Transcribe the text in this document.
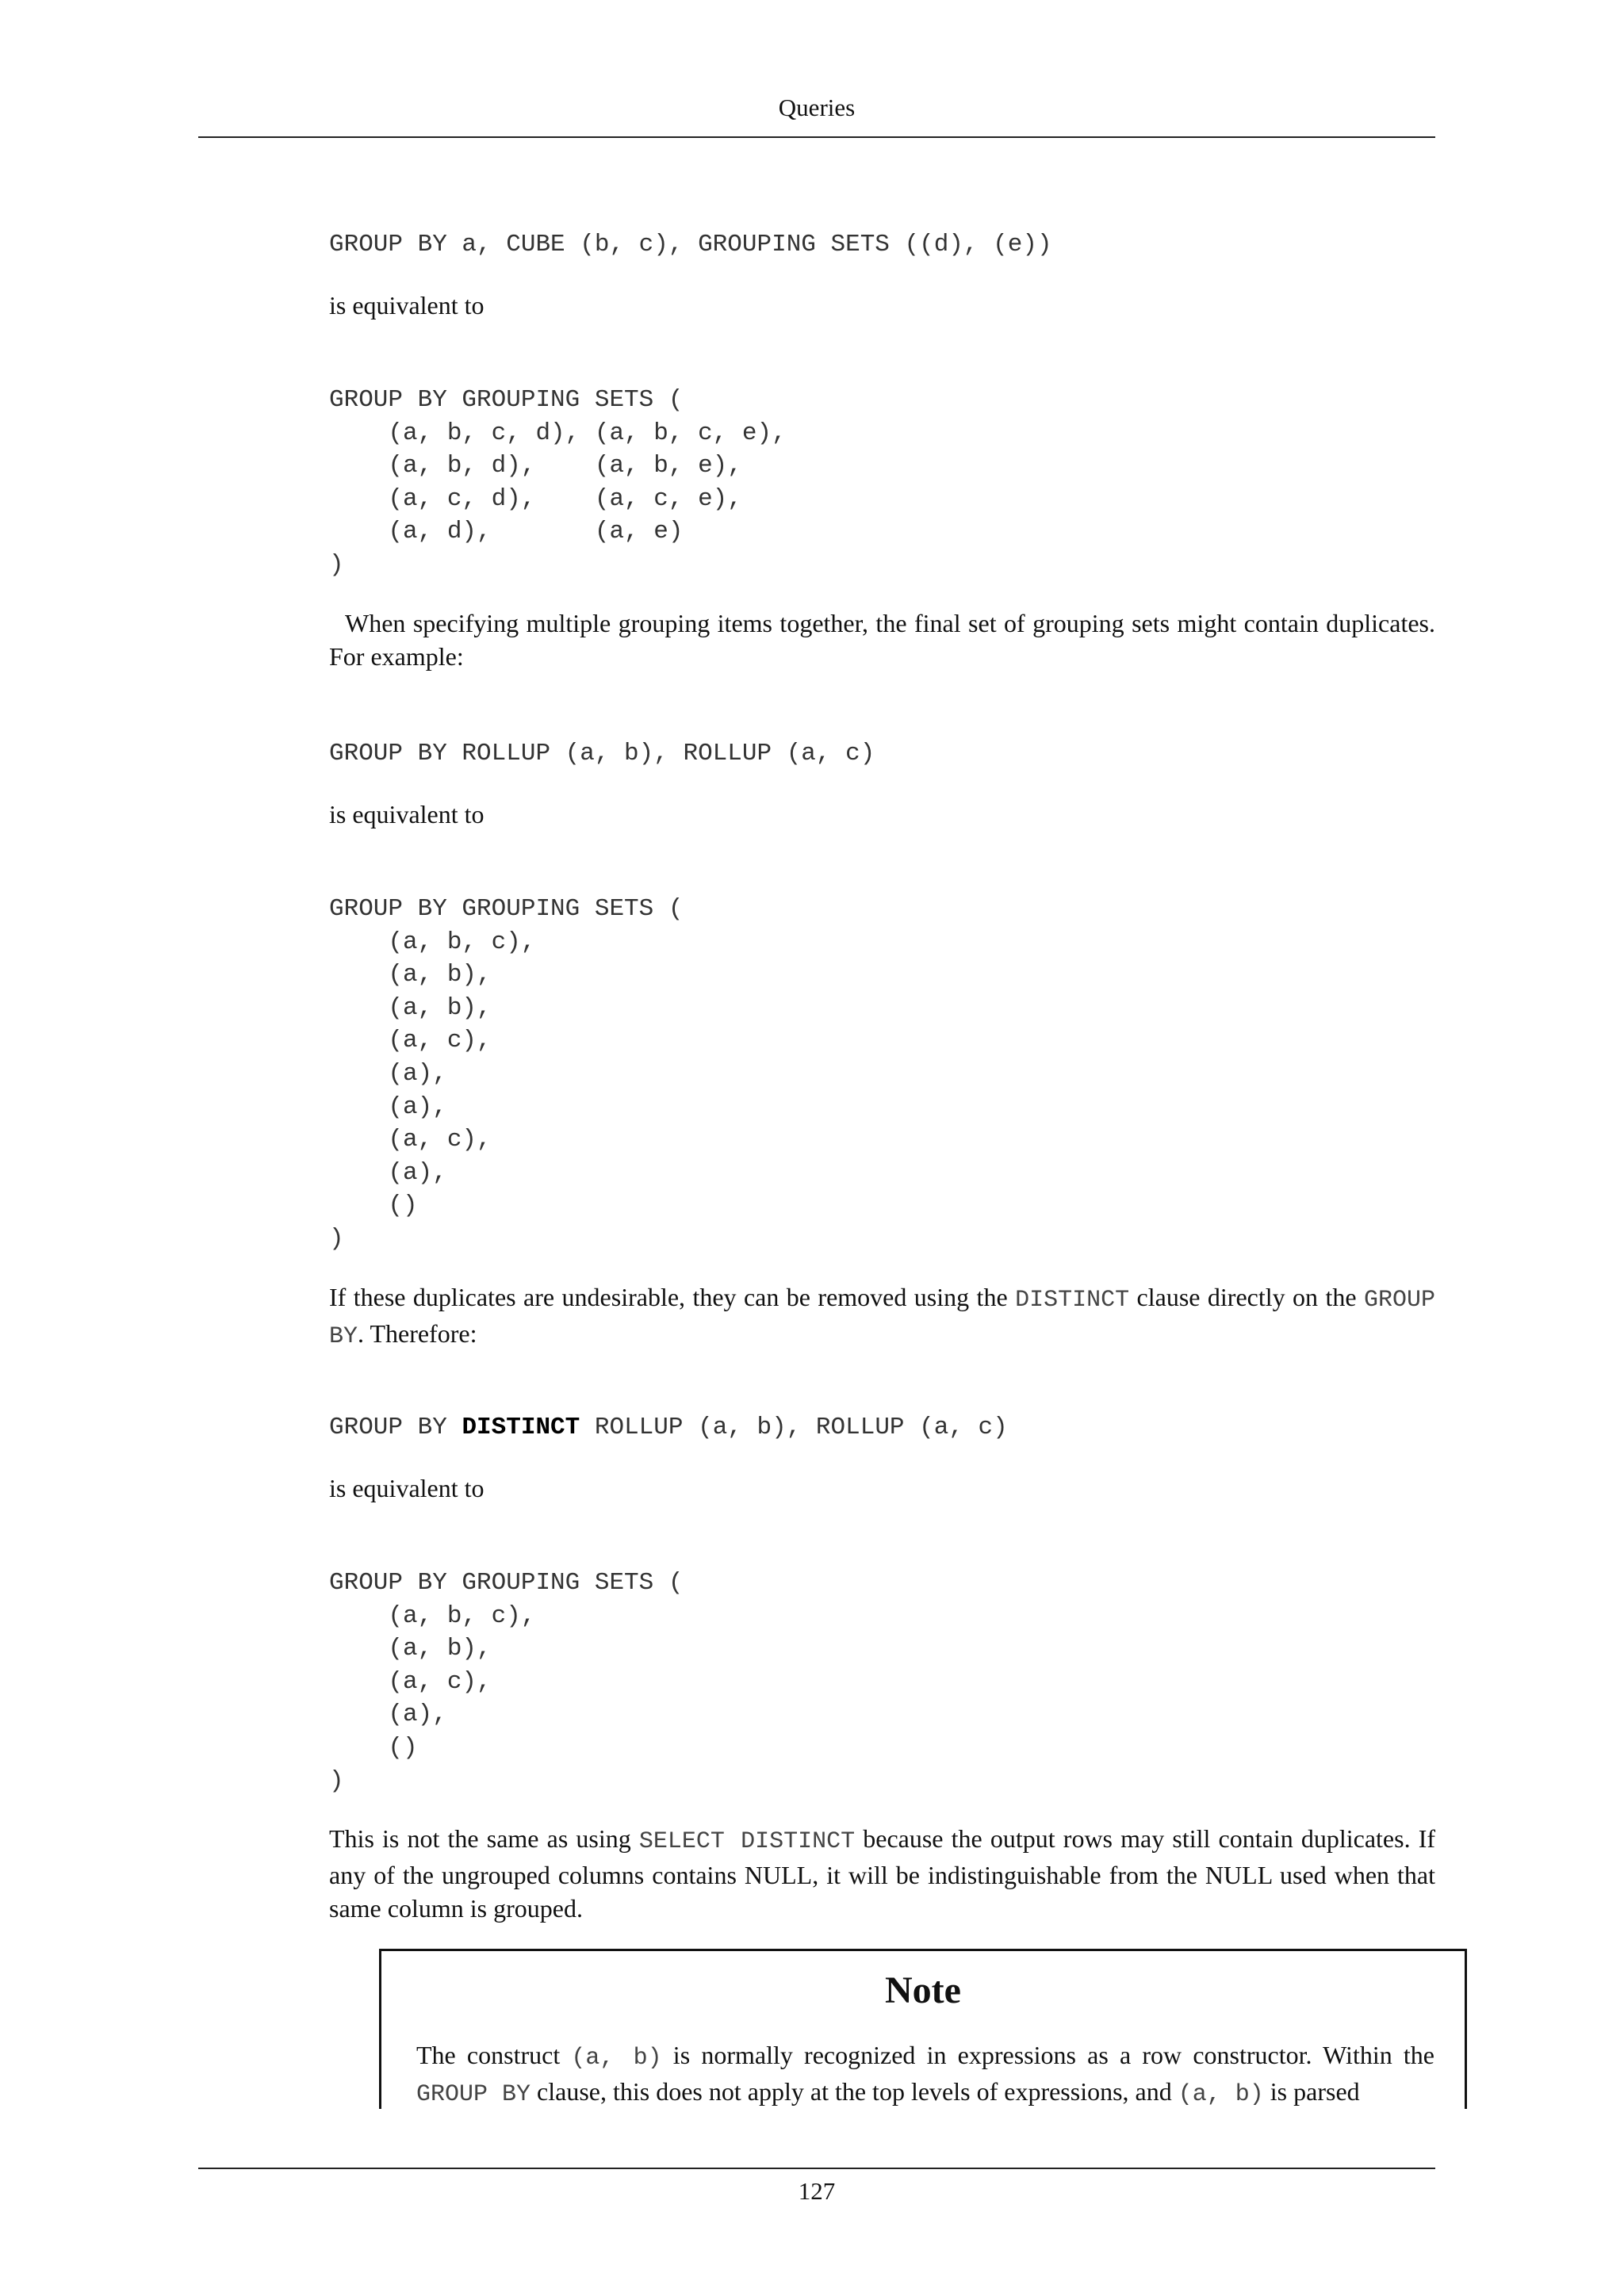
Queries
GROUP BY a, CUBE (b, c), GROUPING SETS ((d), (e))

is equivalent to

GROUP BY GROUPING SETS (
(a, b, c, d), (a, b, c, e),
(a, b, d),    (a, b, e),
(a, c, d),    (a, c, e),
(a, d),       (a, e)
)

When specifying multiple grouping items together, the final set of grouping sets might contain duplicates. For example:

GROUP BY ROLLUP (a, b), ROLLUP (a, c)

is equivalent to

GROUP BY GROUPING SETS (
(a, b, c),
(a, b),
(a, b),
(a, c),
(a),
(a),
(a, c),
(a),
()
)

If these duplicates are undesirable, they can be removed using the DISTINCT clause directly on the GROUP BY. Therefore:

GROUP BY DISTINCT ROLLUP (a, b), ROLLUP (a, c)

is equivalent to

GROUP BY GROUPING SETS (
(a, b, c),
(a, b),
(a, c),
(a),
()
)

This is not the same as using SELECT DISTINCT because the output rows may still contain duplicates. If any of the ungrouped columns contains NULL, it will be indistinguishable from the NULL used when that same column is grouped.

Note

The construct (a, b) is normally recognized in expressions as a row constructor. Within the GROUP BY clause, this does not apply at the top levels of expressions, and (a, b) is parsed

127
